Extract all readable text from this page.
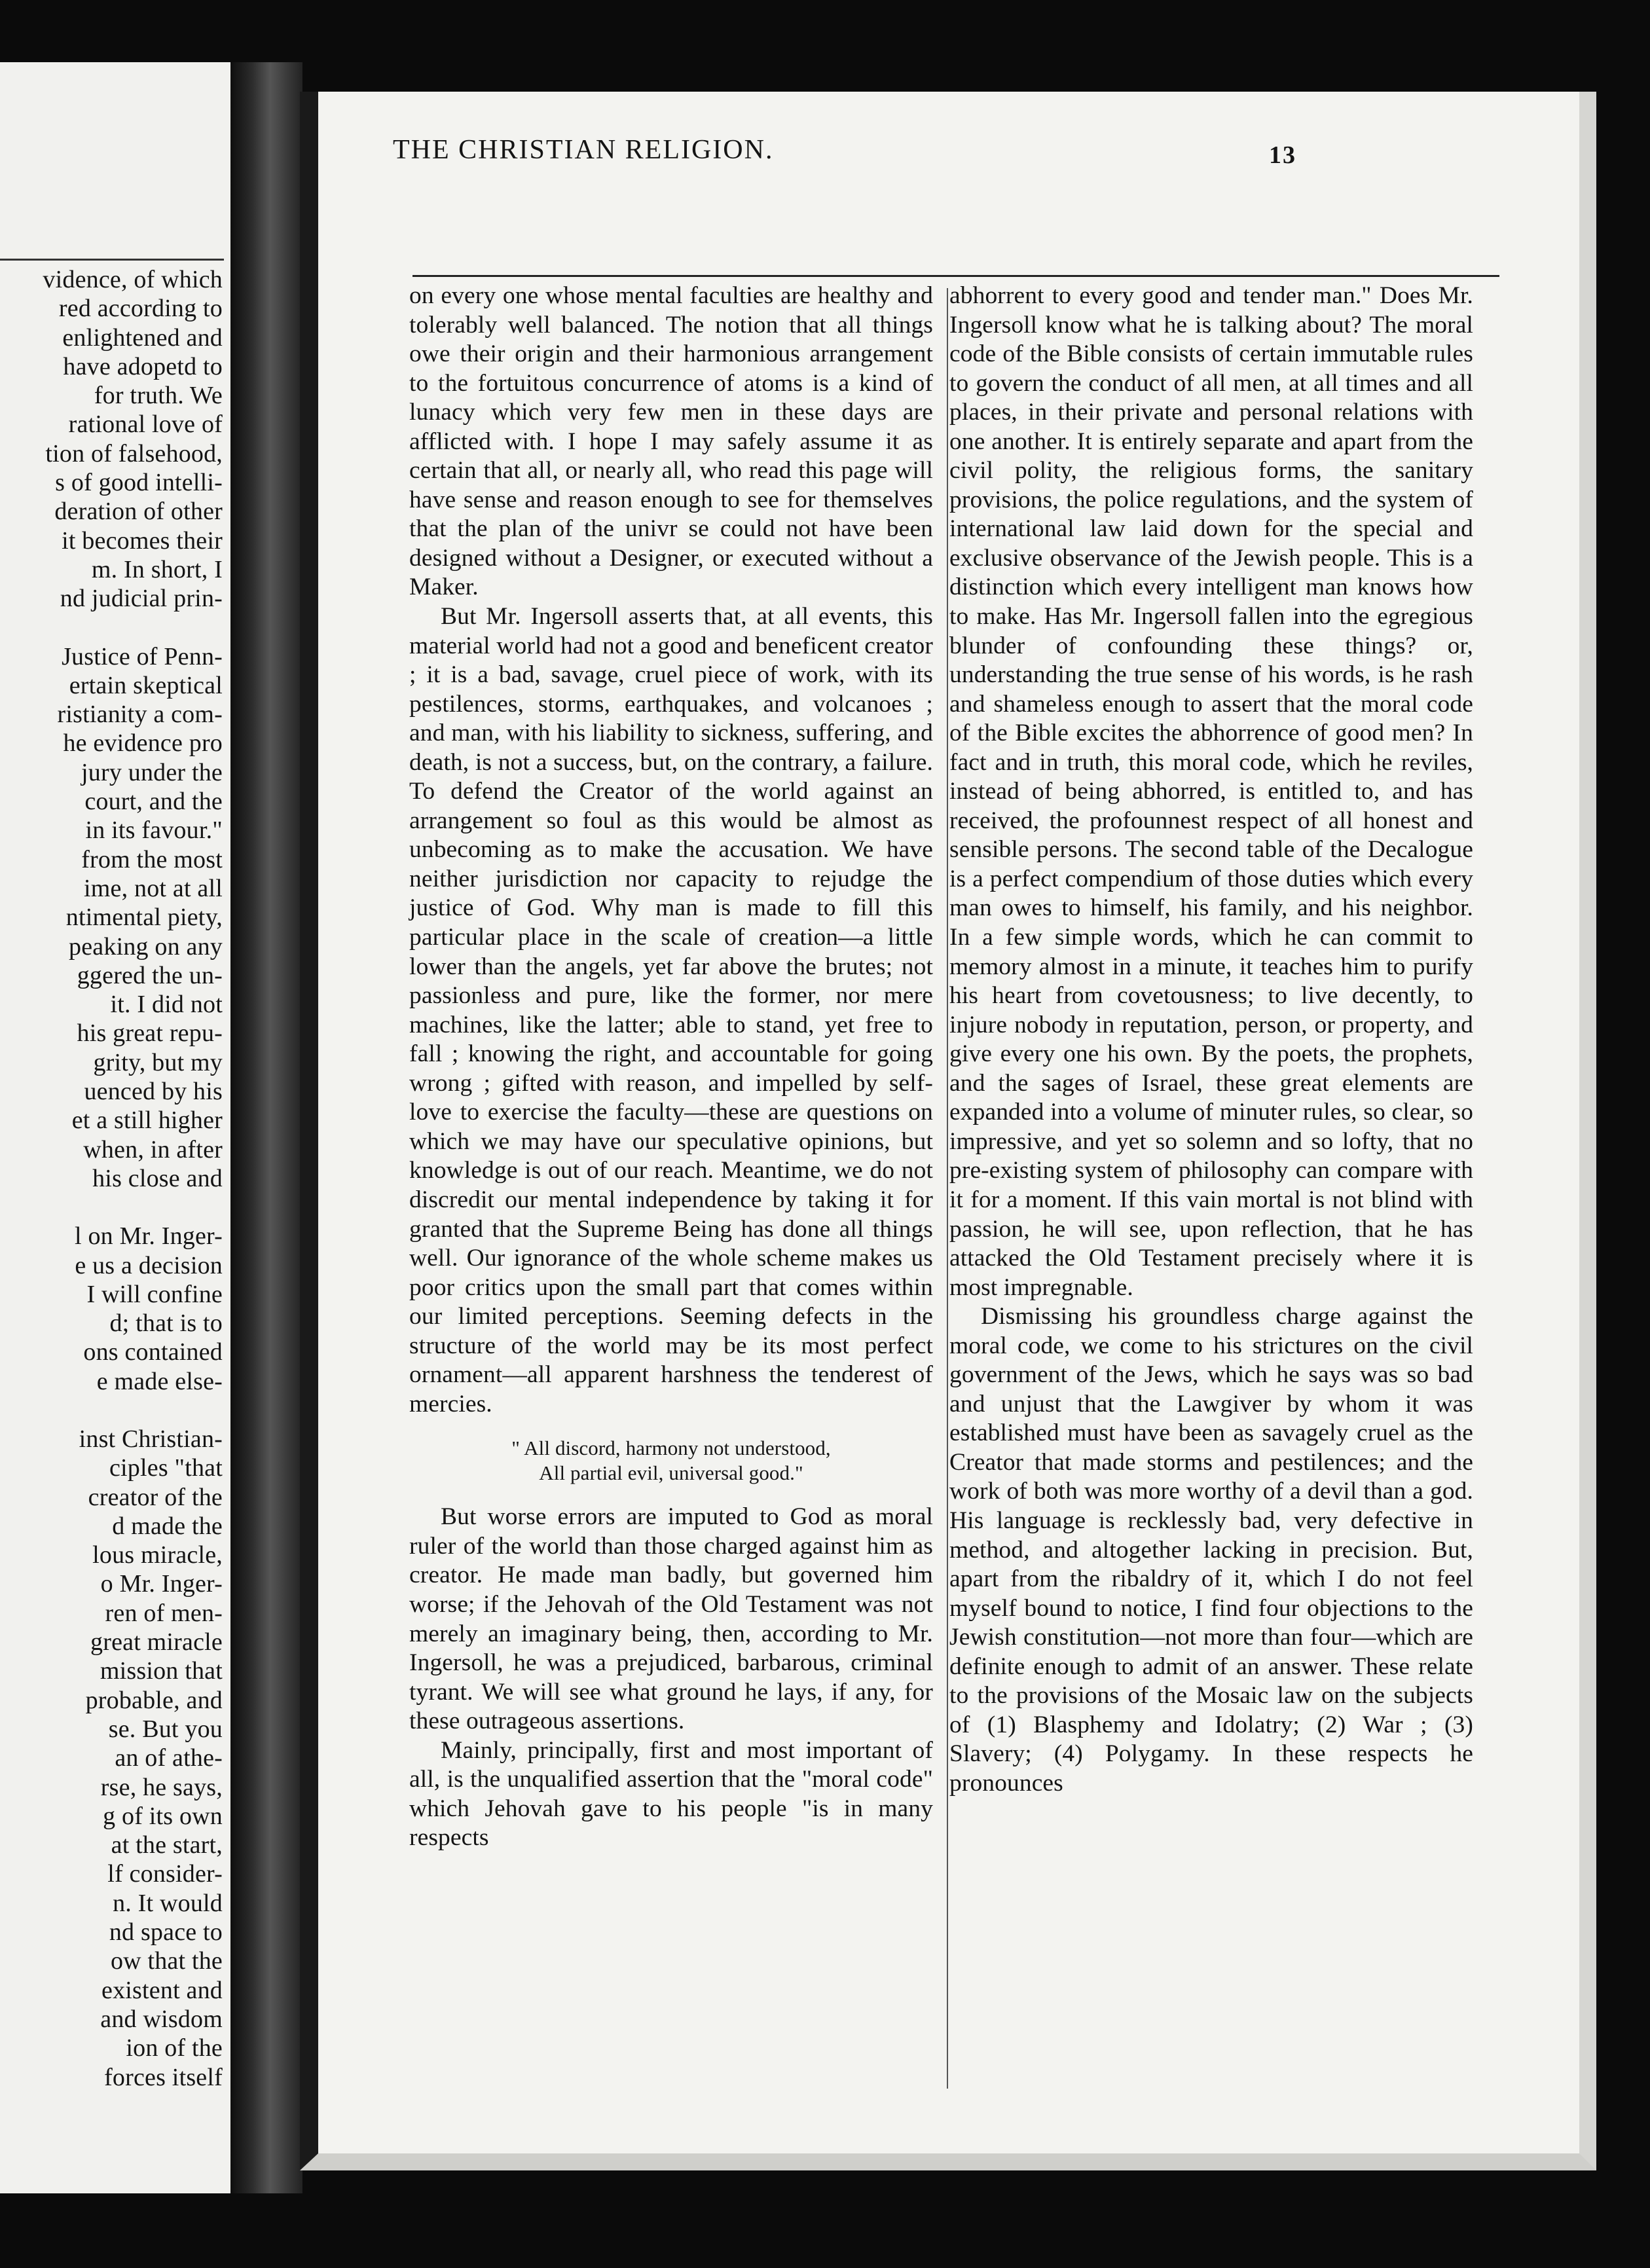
vidence, of which
red according to
enlightened and
have adopetd to
for truth. We
rational love of
tion of falsehood,
s of good intelli-
deration of other
it becomes their
m. In short, I
nd judicial prin-
Justice of Penn-
ertain skeptical
ristianity a com-
he evidence pro
jury under the
court, and the
in its favour."
from the most
ime, not at all
ntimental piety,
peaking on any
ggered the un-
it. I did not
his great repu-
grity, but my
uenced by his
et a still higher
when, in after
his close and
l on Mr. Inger-
e us a decision
I will confine
d; that is to
ons contained
e made else-
inst Christian-
ciples "that
creator of the
d made the
lous miracle,
o Mr. Inger-
ren of men-
great miracle
mission that
probable, and
se. But you
an of athe-
rse, he says,
g of its own
at the start,
lf consider-
n. It would
nd space to
ow that the
existent and
and wisdom
ion of the
forces itself
THE CHRISTIAN RELIGION.	13

on every one whose mental faculties are healthy and tolerably well balanced. The notion that all things owe their origin and their harmonious arrangement to the fortuitous concurrence of atoms is a kind of lunacy which very few men in these days are afflicted with. I hope I may safely assume it as certain that all, or nearly all, who read this page will have sense and reason enough to see for themselves that the plan of the univr se could not have been designed without a Designer, or executed without a Maker.

But Mr. Ingersoll asserts that, at all events, this material world had not a good and beneficent creator ; it is a bad, savage, cruel piece of work, with its pestilences, storms, earthquakes, and volcanoes ; and man, with his liability to sickness, suffering, and death, is not a success, but, on the contrary, a failure. To defend the Creator of the world against an arrangement so foul as this would be almost as unbecoming as to make the accusation. We have neither jurisdiction nor capacity to rejudge the justice of God. Why man is made to fill this particular place in the scale of creation—a little lower than the angels, yet far above the brutes; not passionless and pure, like the former, nor mere machines, like the latter; able to stand, yet free to fall ; knowing the right, and accountable for going wrong ; gifted with reason, and impelled by self-love to exercise the faculty—these are questions on which we may have our speculative opinions, but knowledge is out of our reach. Meantime, we do not discredit our mental independence by taking it for granted that the Supreme Being has done all things well. Our ignorance of the whole scheme makes us poor critics upon the small part that comes within our limited perceptions. Seeming defects in the structure of the world may be its most perfect ornament—all apparent harshness the tenderest of mercies.

" All discord, harmony not understood,
All partial evil, universal good."

But worse errors are imputed to God as moral ruler of the world than those charged against him as creator. He made man badly, but governed him worse; if the Jehovah of the Old Testament was not merely an imaginary being, then, according to Mr. Ingersoll, he was a prejudiced, barbarous, criminal tyrant. We will see what ground he lays, if any, for these outrageous assertions.

Mainly, principally, first and most important of all, is the unqualified assertion that the "moral code" which Jehovah gave to his people "is in many respects

abhorrent to every good and tender man." Does Mr. Ingersoll know what he is talking about? The moral code of the Bible consists of certain immutable rules to govern the conduct of all men, at all times and all places, in their private and personal relations with one another. It is entirely separate and apart from the civil polity, the religious forms, the sanitary provisions, the police regulations, and the system of international law laid down for the special and exclusive observance of the Jewish people. This is a distinction which every intelligent man knows how to make. Has Mr. Ingersoll fallen into the egregious blunder of confounding these things? or, understanding the true sense of his words, is he rash and shameless enough to assert that the moral code of the Bible excites the abhorrence of good men? In fact and in truth, this moral code, which he reviles, instead of being abhorred, is entitled to, and has received, the profounnest respect of all honest and sensible persons. The second table of the Decalogue is a perfect compendium of those duties which every man owes to himself, his family, and his neighbor. In a few simple words, which he can commit to memory almost in a minute, it teaches him to purify his heart from covetousness; to live decently, to injure nobody in reputation, person, or property, and give every one his own. By the poets, the prophets, and the sages of Israel, these great elements are expanded into a volume of minuter rules, so clear, so impressive, and yet so solemn and so lofty, that no pre-existing system of philosophy can compare with it for a moment. If this vain mortal is not blind with passion, he will see, upon reflection, that he has attacked the Old Testament precisely where it is most impregnable.

Dismissing his groundless charge against the moral code, we come to his strictures on the civil government of the Jews, which he says was so bad and unjust that the Lawgiver by whom it was established must have been as savagely cruel as the Creator that made storms and pestilences; and the work of both was more worthy of a devil than a god. His language is recklessly bad, very defective in method, and altogether lacking in precision. But, apart from the ribaldry of it, which I do not feel myself bound to notice, I find four objections to the Jewish constitution—not more than four—which are definite enough to admit of an answer. These relate to the provisions of the Mosaic law on the subjects of (1) Blasphemy and Idolatry; (2) War ; (3) Slavery; (4) Polygamy. In these respects he pronounces
